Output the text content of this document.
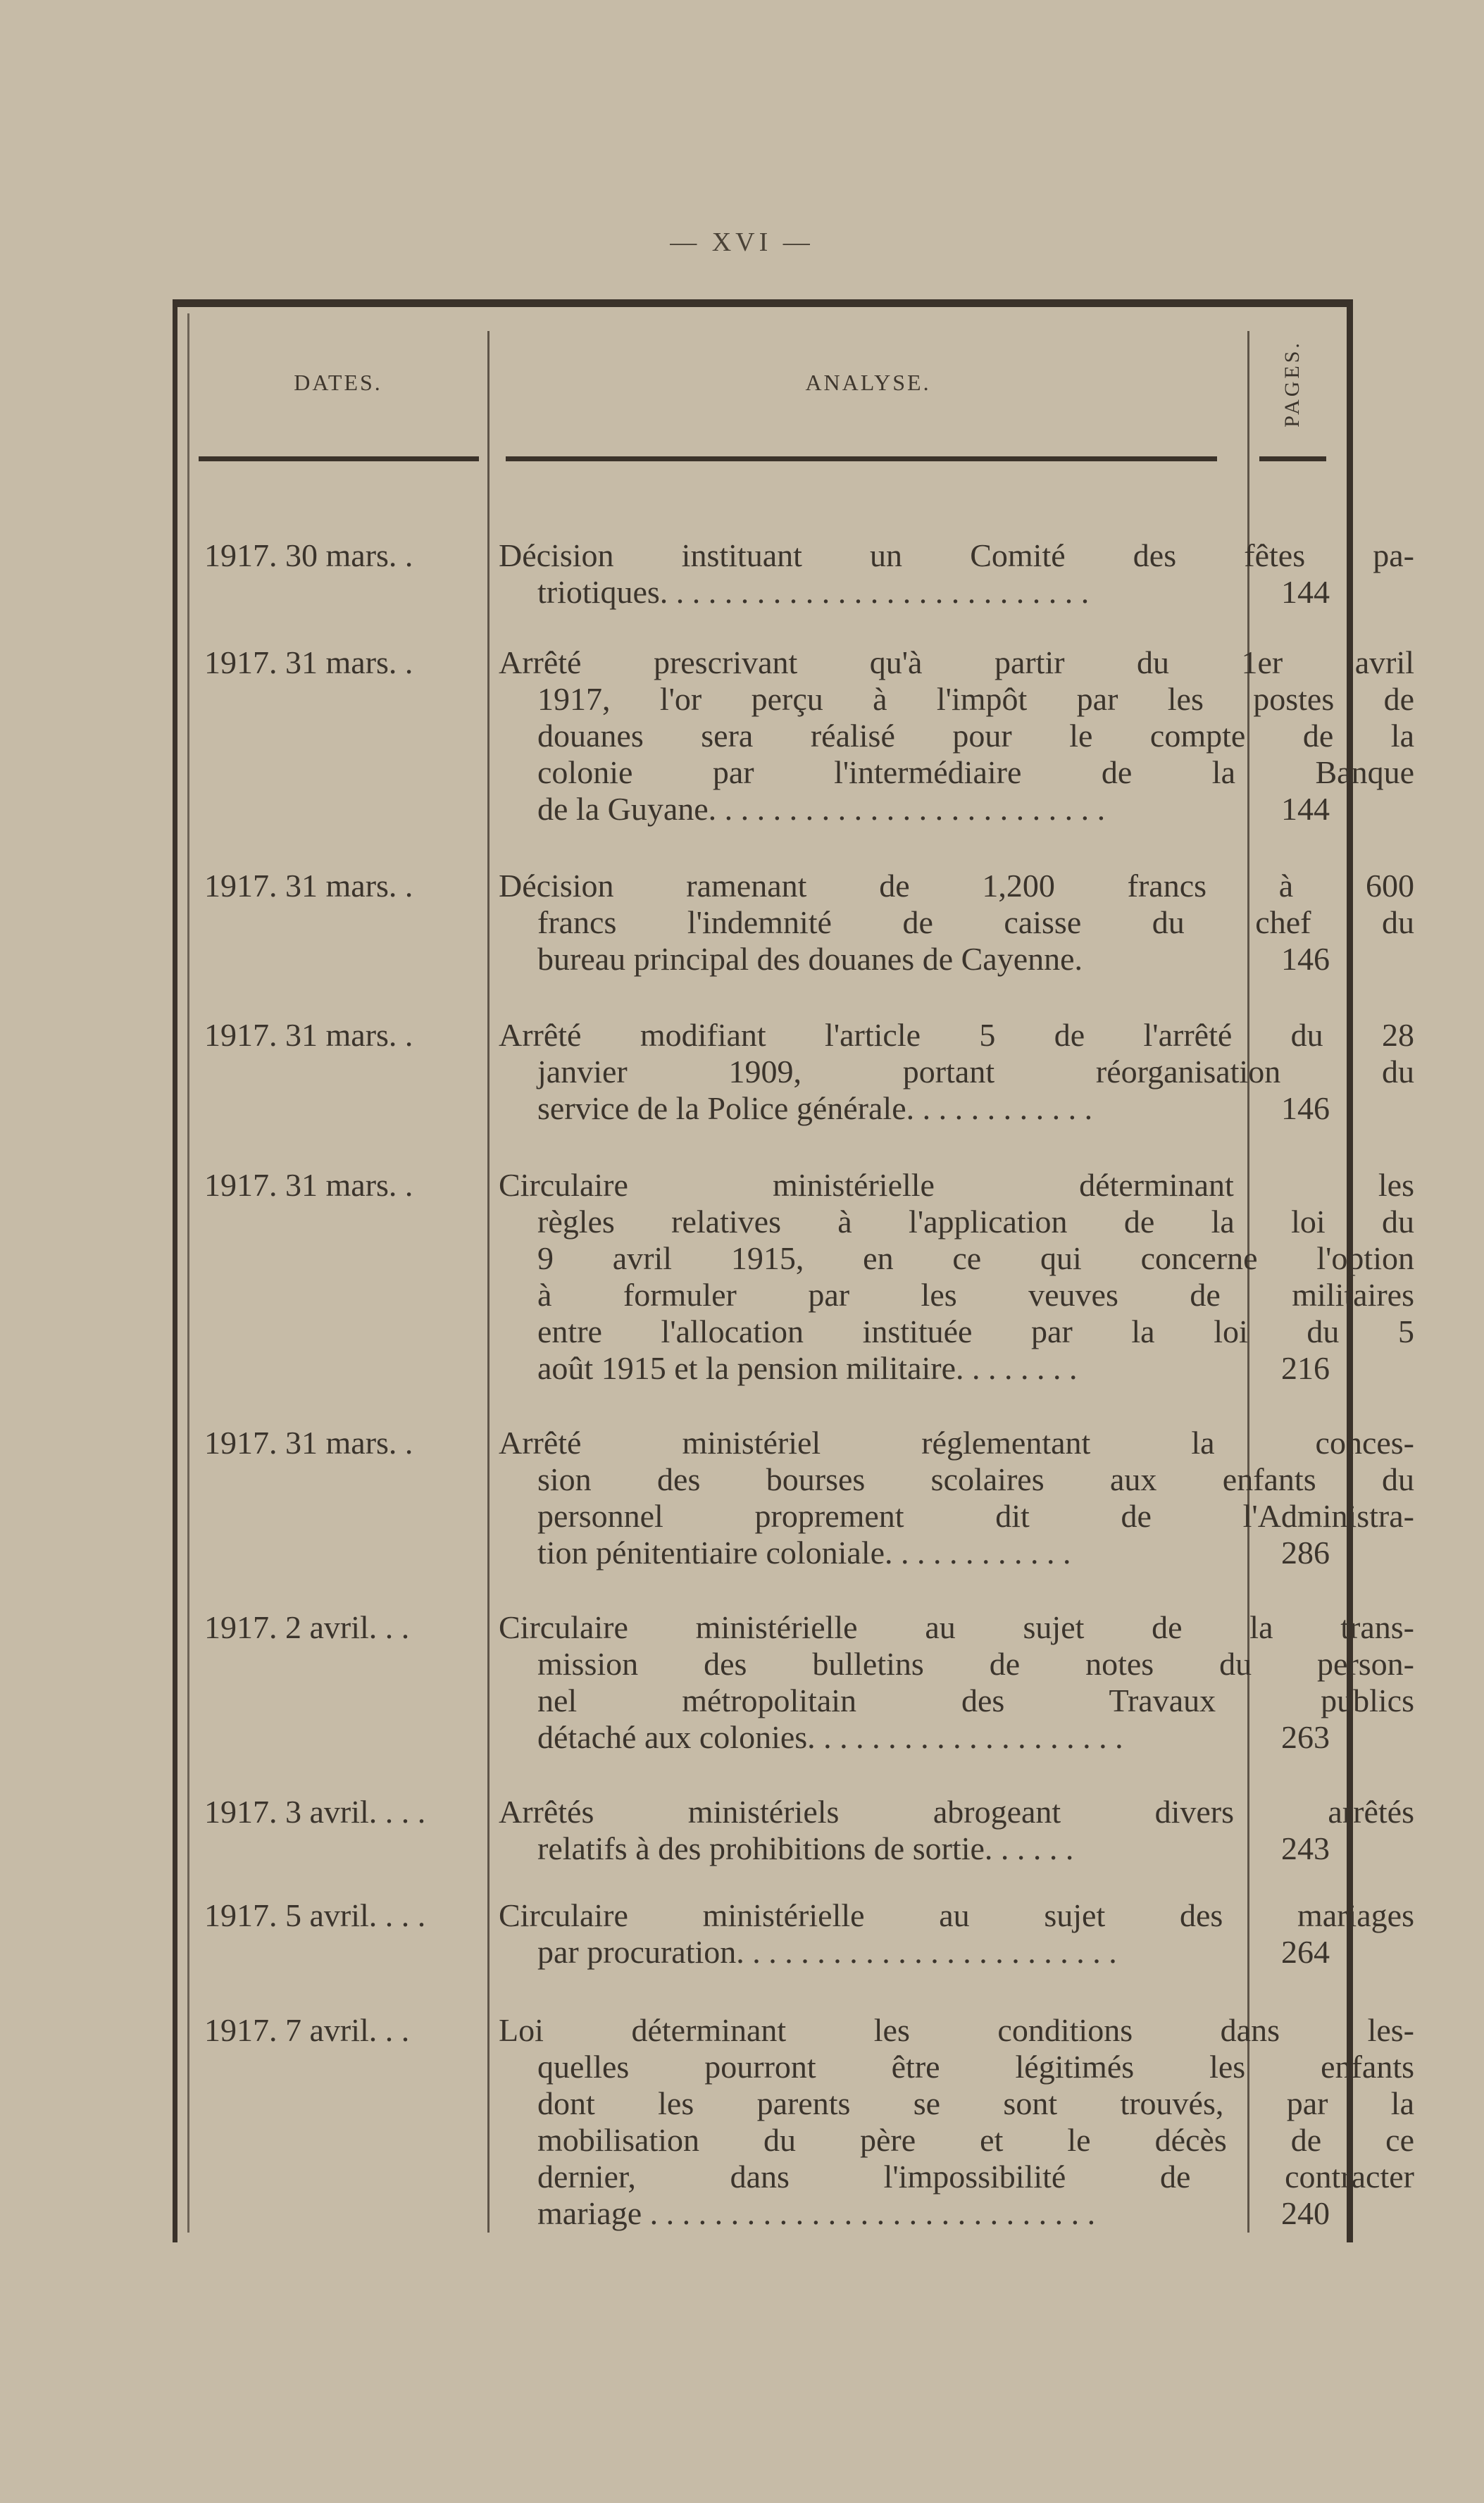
— XVI —
DATES.	ANALYSE.	PAGES.
1917. 30 mars. .	Décision instituant un Comité des fêtes pa-
triotiques. . . . . . . . . . . . . . . . . . . . . . . . . . .	144
1917. 31 mars. .	Arrêté prescrivant qu'à partir du 1er avril
1917, l'or perçu à l'impôt par les postes de
douanes sera réalisé pour le compte de la
colonie par l'intermédiaire de la Banque
de la Guyane. . . . . . . . . . . . . . . . . . . . . . . . .	144
1917. 31 mars. .	Décision ramenant de 1,200 francs à 600
francs l'indemnité de caisse du chef du
bureau principal des douanes de Cayenne.	146
1917. 31 mars. .	Arrêté modifiant l'article 5 de l'arrêté du 28
janvier 1909, portant réorganisation du
service de la Police générale. . . . . . . . . . . .	146
1917. 31 mars. .	Circulaire ministérielle déterminant les
règles relatives à l'application de la loi du
9 avril 1915, en ce qui concerne l'option
à formuler par les veuves de militaires
entre l'allocation instituée par la loi du 5
août 1915 et la pension militaire. . . . . . . .	216
1917. 31 mars. .	Arrêté ministériel réglementant la conces-
sion des bourses scolaires aux enfants du
personnel proprement dit de l'Administra-
tion pénitentiaire coloniale. . . . . . . . . . . .	286
1917. 2 avril. . .	Circulaire ministérielle au sujet de la trans-
mission des bulletins de notes du person-
nel métropolitain des Travaux publics
détaché aux colonies. . . . . . . . . . . . . . . . . . . .	263
1917. 3 avril. . . .	Arrêtés ministériels abrogeant divers arrêtés
relatifs à des prohibitions de sortie. . . . . .	243
1917. 5 avril. . . .	Circulaire ministérielle au sujet des mariages
par procuration. . . . . . . . . . . . . . . . . . . . . . . .	264
1917. 7 avril. . .	Loi déterminant les conditions dans les-
quelles pourront être légitimés les enfants
dont les parents se sont trouvés, par la
mobilisation du père et le décès de ce
dernier, dans l'impossibilité de contracter
mariage . . . . . . . . . . . . . . . . . . . . . . . . . . . .	240
